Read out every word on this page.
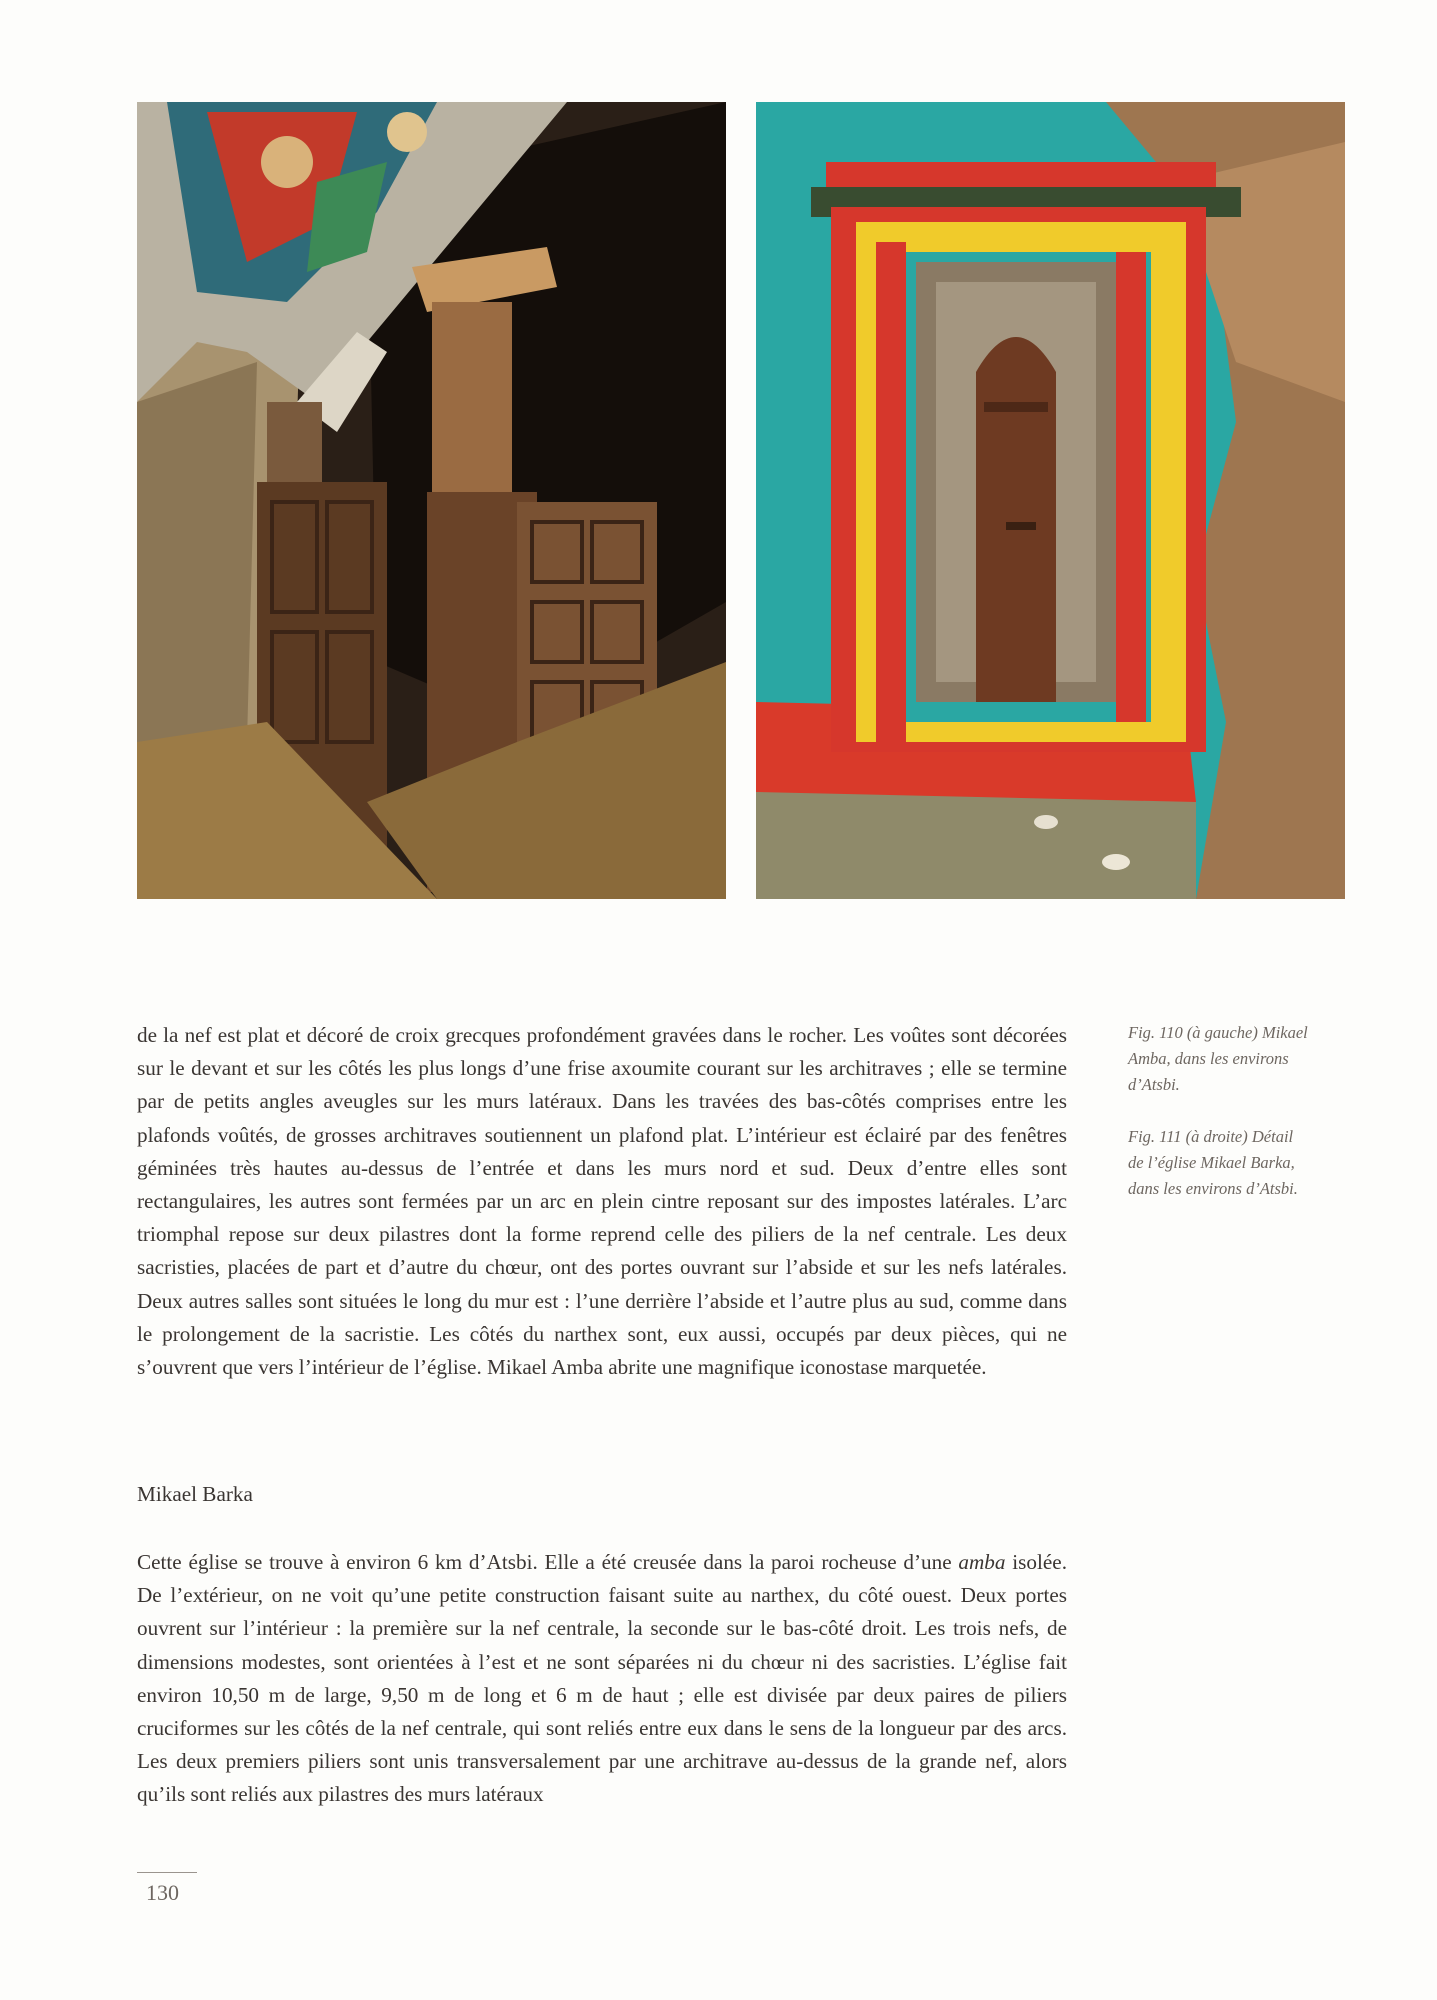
de la nef est plat et décoré de croix grecques profondément gravées dans le rocher. Les voûtes sont décorées sur le devant et sur les côtés les plus longs d’une frise axoumite courant sur les architraves ; elle se termine par de petits angles aveugles sur les murs latéraux. Dans les travées des bas-côtés comprises entre les plafonds voûtés, de grosses architraves soutiennent un plafond plat. L’intérieur est éclairé par des fenêtres géminées très hautes au-dessus de l’entrée et dans les murs nord et sud. Deux d’entre elles sont rectangulaires, les autres sont fermées par un arc en plein cintre reposant sur des impostes latérales. L’arc triomphal repose sur deux pilastres dont la forme reprend celle des piliers de la nef centrale. Les deux sacristies, placées de part et d’autre du chœur, ont des portes ouvrant sur l’abside et sur les nefs latérales. Deux autres salles sont situées le long du mur est : l’une derrière l’abside et l’autre plus au sud, comme dans le prolongement de la sacristie. Les côtés du narthex sont, eux aussi, occupés par deux pièces, qui ne s’ouvrent que vers l’intérieur de l’église. Mikael Amba abrite une magnifique iconostase marquetée.

Mikael Barka

Cette église se trouve à environ 6 km d’Atsbi. Elle a été creusée dans la paroi rocheuse d’une amba isolée. De l’extérieur, on ne voit qu’une petite construction faisant suite au narthex, du côté ouest. Deux portes ouvrent sur l’intérieur : la première sur la nef centrale, la seconde sur le bas-côté droit. Les trois nefs, de dimensions modestes, sont orientées à l’est et ne sont séparées ni du chœur ni des sacristies. L’église fait environ 10,50 m de large, 9,50 m de long et 6 m de haut ; elle est divisée par deux paires de piliers cruciformes sur les côtés de la nef centrale, qui sont reliés entre eux dans le sens de la longueur par des arcs. Les deux premiers piliers sont unis transversalement par une architrave au-dessus de la grande nef, alors qu’ils sont reliés aux pilastres des murs latéraux

Fig. 110 (à gauche) Mikael Amba, dans les environs d’Atsbi.

Fig. 111 (à droite) Détail de l’église Mikael Barka, dans les environs d’Atsbi.

130
